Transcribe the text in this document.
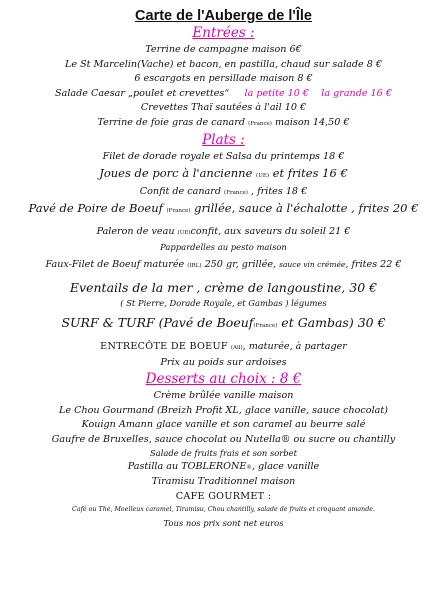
Carte de l'Auberge de l'Île
Entrées :
Terrine de campagne maison 6€
Le St Marcelin(Vache) et bacon, en pastilla, chaud sur salade 8 €
6 escargots en persillade maison 8 €
Salade Caesar „poulet et crevettes“ la petite 10 € la grande 16 €
Crevettes Thaï sautées à l'ail 10 €
Terrine de foie gras de canard (France) maison 14,50 €
Plats :
Filet de dorade royale et Salsa du printemps 18 €
Joues de porc à l'ancienne (UE) et frites 16 €
Confit de canard (France) , frites 18 €
Pavé de Poire de Boeuf (France) grillée, sauce à l'échalotte , frites 20 €
Paleron de veau (UE)confit, aux saveurs du soleil 21 €
Pappardelles au pesto maison
Faux-Filet de Boeuf maturée (IRL) 250 gr, grillée, sauce vin crémée, frites 22 €
Eventails de la mer , crème de langoustine, 30 €
( St Pierre, Dorade Royale, et Gambas ) légumes
SURF & TURF (Pavé de Boeuf(France) et Gambas) 30 €
ENTRECÔTE DE BOEUF (All), maturée, à partager
Prix au poids sur ardoises
Desserts au choix : 8 €
Crème brûlée vanille maison
Le Chou Gourmand (Breizh Profit XL, glace vanille, sauce chocolat)
Kouign Amann glace vanille et son caramel au beurre salé
Gaufre de Bruxelles, sauce chocolat ou Nutella® ou sucre ou chantilly
Salade de fruits frais et son sorbet
Pastilla au TOBLERONE®, glace vanille
Tiramisu Traditionnel maison
CAFE GOURMET :
Café ou Thé, Moelleux caramel, Tiramisu, Chou chantilly, salade de fruits et croquant amande.
Tous nos prix sont net euros
